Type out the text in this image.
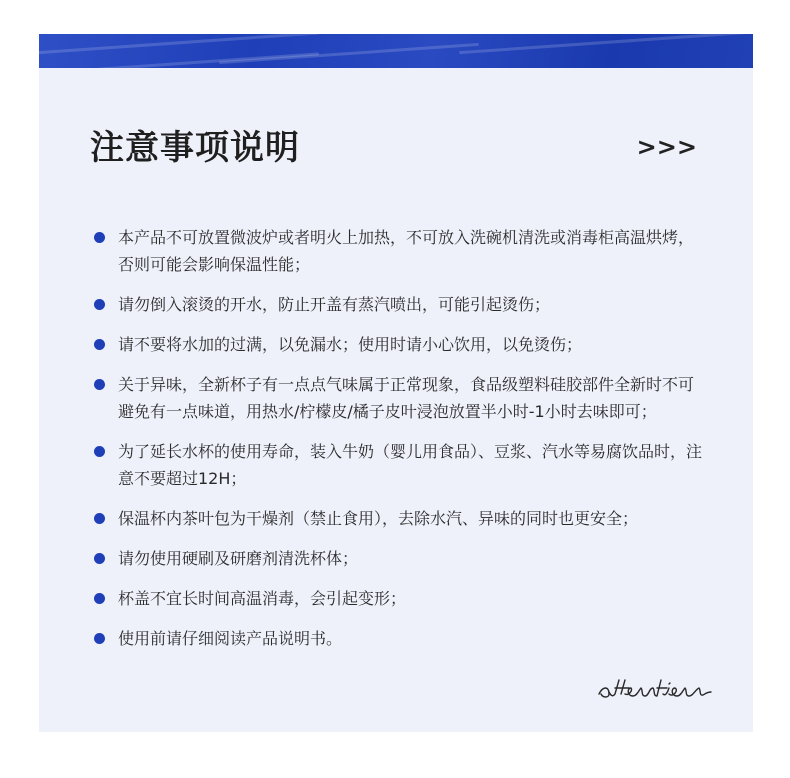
注意事项说明	>>>
本产品不可放置微波炉或者明火上加热，不可放入洗碗机清洗或消毒柜高温烘烤，否则可能会影响保温性能；
请勿倒入滚烫的开水，防止开盖有蒸汽喷出，可能引起烫伤；
请不要将水加的过满，以免漏水；使用时请小心饮用，以免烫伤；
关于异味，全新杯子有一点点气味属于正常现象，食品级塑料硅胶部件全新时不可避免有一点味道，用热水/柠檬皮/橘子皮叶浸泡放置半小时-1小时去味即可；
为了延长水杯的使用寿命，装入牛奶（婴儿用食品）、豆浆、汽水等易腐饮品时，注意不要超过12H；
保温杯内茶叶包为干燥剂（禁止食用），去除水汽、异味的同时也更安全；
请勿使用硬刷及研磨剂清洗杯体；
杯盖不宜长时间高温消毒，会引起变形；
使用前请仔细阅读产品说明书。
